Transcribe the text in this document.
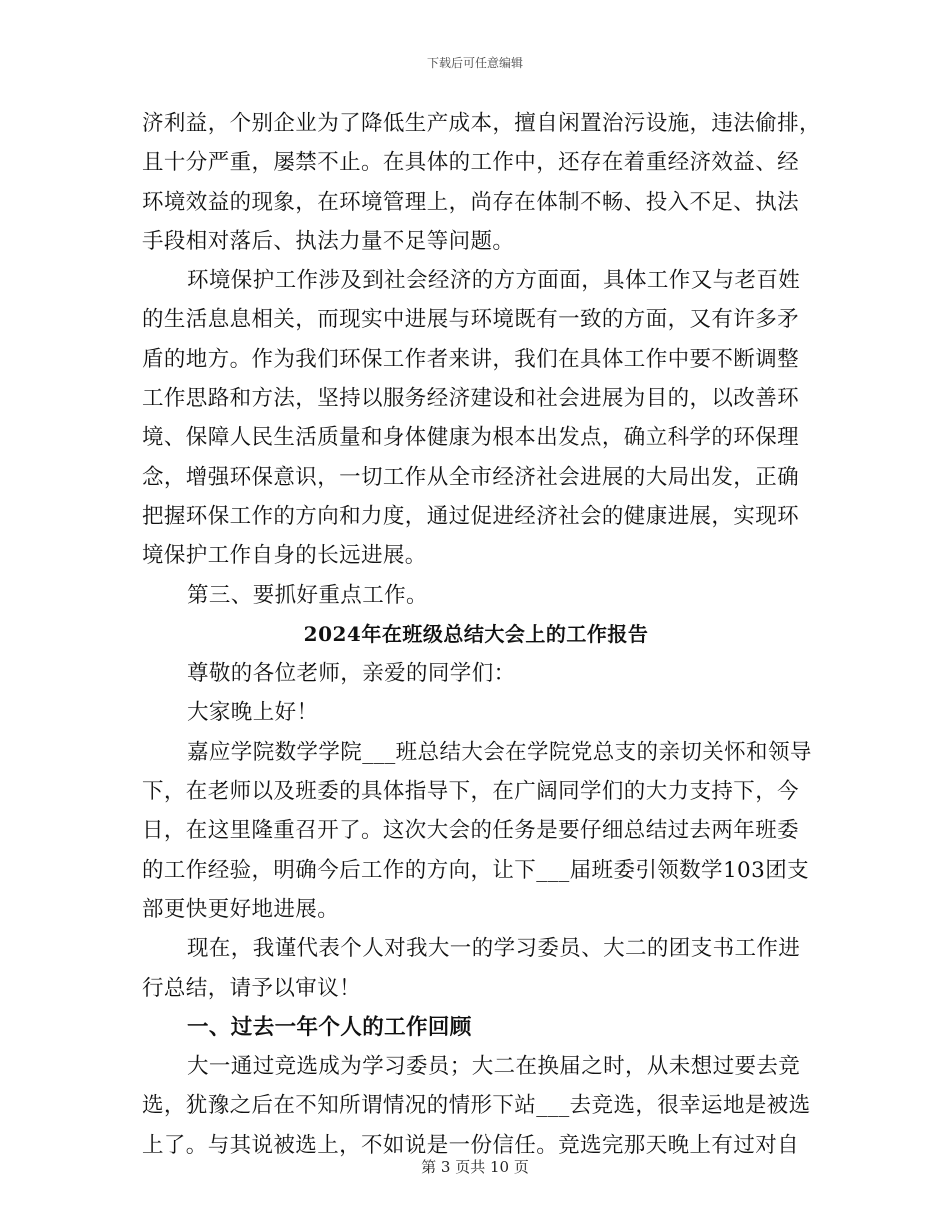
下载后可任意编辑
济利益，个别企业为了降低生产成本，擅自闲置治污设施，违法偷排，
且十分严重，屡禁不止。在具体的工作中，还存在着重经济效益、经
环境效益的现象，在环境管理上，尚存在体制不畅、投入不足、执法
手段相对落后、执法力量不足等问题。
环境保护工作涉及到社会经济的方方面面，具体工作又与老百姓
的生活息息相关，而现实中进展与环境既有一致的方面，又有许多矛
盾的地方。作为我们环保工作者来讲，我们在具体工作中要不断调整
工作思路和方法，坚持以服务经济建设和社会进展为目的，以改善环
境、保障人民生活质量和身体健康为根本出发点，确立科学的环保理
念，增强环保意识，一切工作从全市经济社会进展的大局出发，正确
把握环保工作的方向和力度，通过促进经济社会的健康进展，实现环
境保护工作自身的长远进展。
第三、要抓好重点工作。
2024年在班级总结大会上的工作报告
尊敬的各位老师，亲爱的同学们：
大家晚上好！
嘉应学院数学学院___班总结大会在学院党总支的亲切关怀和领导
下，在老师以及班委的具体指导下，在广阔同学们的大力支持下，今
日，在这里隆重召开了。这次大会的任务是要仔细总结过去两年班委
的工作经验，明确今后工作的方向，让下___届班委引领数学103团支
部更快更好地进展。
现在，我谨代表个人对我大一的学习委员、大二的团支书工作进
行总结，请予以审议！
一、过去一年个人的工作回顾
大一通过竞选成为学习委员；大二在换届之时，从未想过要去竞
选，犹豫之后在不知所谓情况的情形下站___去竞选，很幸运地是被选
上了。与其说被选上，不如说是一份信任。竞选完那天晚上有过对自
第 3 页共 10 页
